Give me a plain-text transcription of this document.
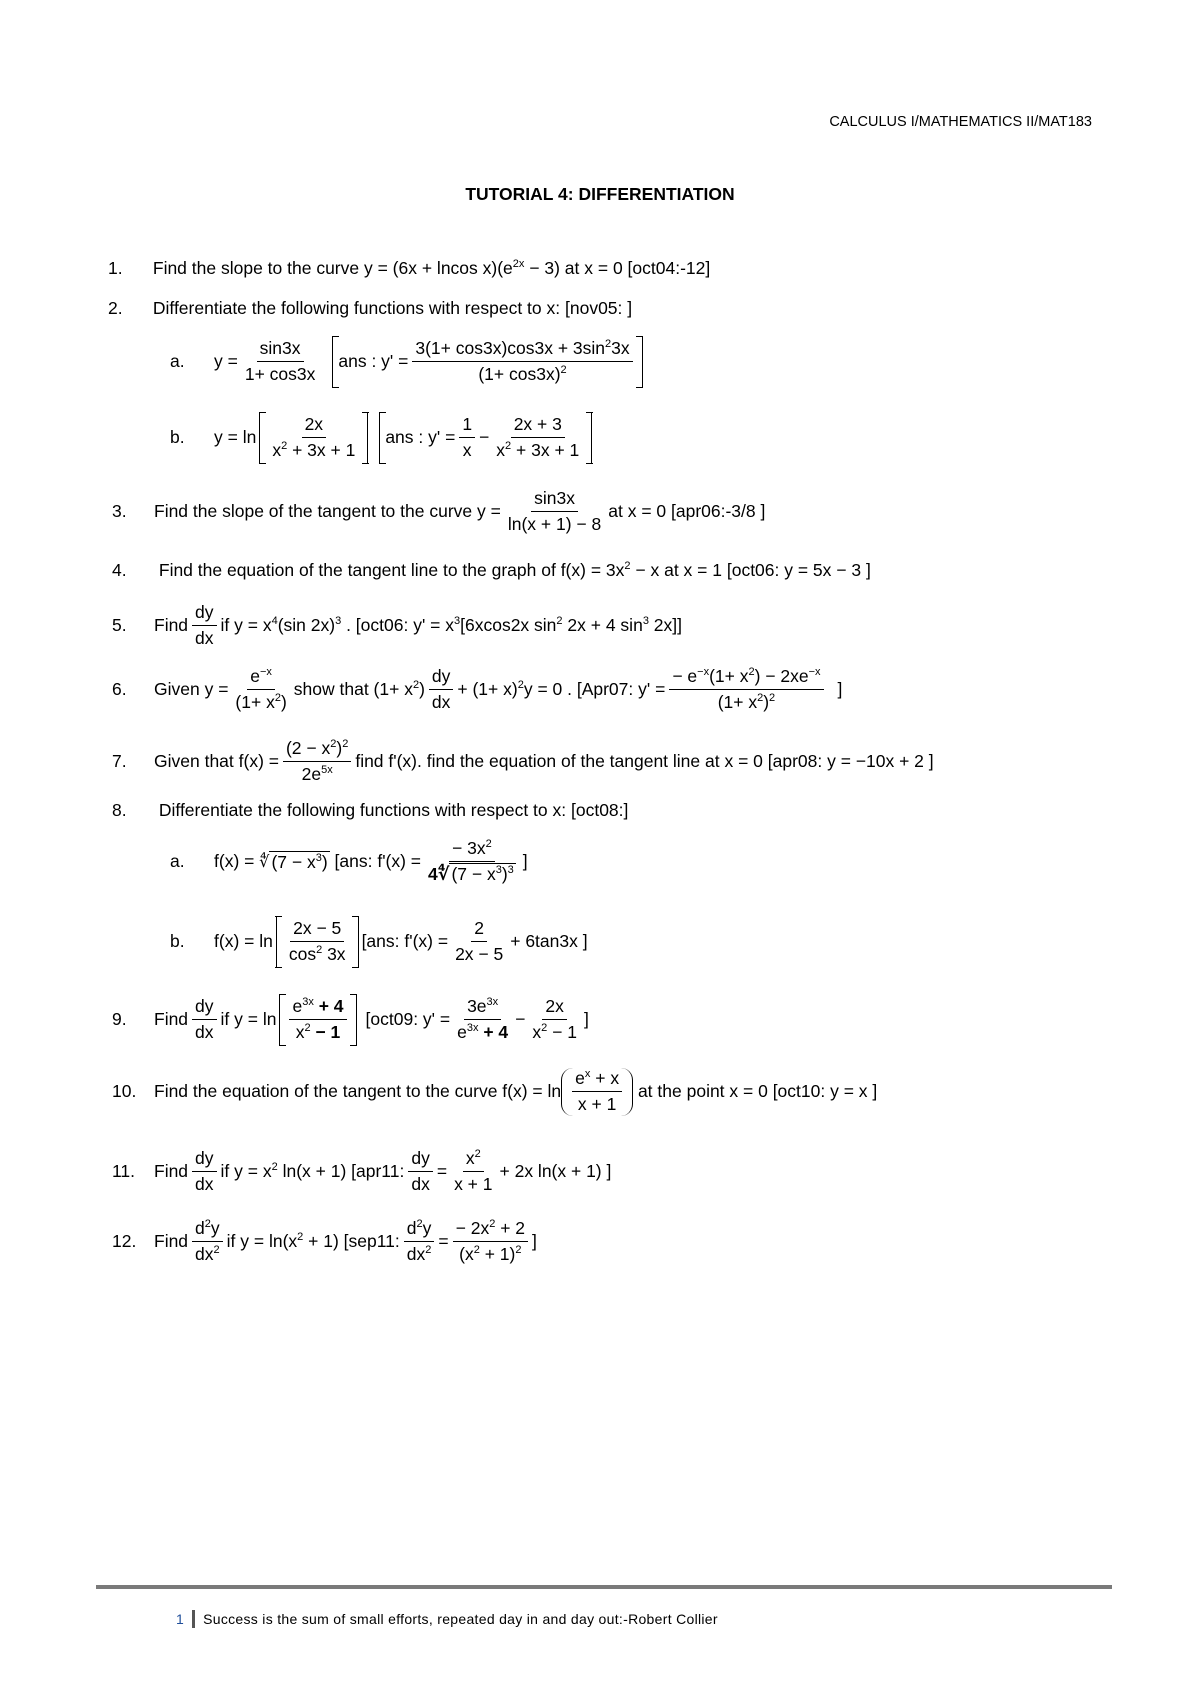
CALCULUS I/MATHEMATICS II/MAT183
TUTORIAL 4: DIFFERENTIATION
1. Find the slope to the curve y = (6x + lncos $x)(e^{2x} - 3)$ at x = 0 [oct04:-12]
2. Differentiate the following functions with respect to x: [nov05: ]
a.	$y = \frac{\sin 3x}{1+ \cos 3x}$ ans : $y' = \frac{3(1+ \cos 3x)\cos 3x + 3\sin^23x}{(1+ \cos 3x)^2}$
b.	$y = \ln \frac{2x}{x^2 + 3x + 1}$ ans : $y' = \frac{1}{x} - \frac{2x + 3}{x^2 + 3x + 1}$
3.	Find the slope of the tangent to the curve
$y = \frac{\sin 3x}{\ln(x + 1) - 8}$ at x = 0 [apr06:-3/8 ]
4. Find the equation of the tangent line to the graph of $f(x) = 3x^2 - x$ at x = 1 [oct06: y = 5x − 3 ]
5.	Find $\frac{dy}{dx}$ if $y = x^4(\sin$ 2x)$^3$ . [oct06: $y' = x^3[6xcos2x$ $\sin^2 2x + 4$ $\sin^3 2x$]]
6.	Given $y = \frac{e^{-x}}{(1+ x^2)}$ show that $(1+ x^2) \frac{dy}{dx} + (1+ x)^2y = 0$ . [Apr07: $y' = \frac{- e^{-x}(1+ x^2) - 2xe^{-x}}{(1+ x^2)^2}$ ]
7.	Given that $f(x) = \frac{(2 - x^2)^2}{2e^{5x}}$ find f'(x). find the equation of the tangent line at x = 0 [apr08: y = −10x + 2 ]
8. Differentiate the following functions with respect to x: [oct08:]
a.	f(x) =
∜ $(7 - x^3)$
[ans: $f'(x) = \frac{- 3x^2}{4∜ (7 - x^3)^3}$ ]
b.	$f(x) = \ln \frac{2x - 5}{\cos^2 3x} [ans$: $f'(x) = \frac{2}{2x - 5} + 6\tan 3x$ ]
9.	Find $\frac{dy}{dx}$ if $y = \ln \frac{e^{3x} + 4}{x^2 - 1} [oct09$: $y' = \frac{3e^{3x}}{e^{3x} + 4} - \frac{2x}{x^2 - 1}$ ]
10.	Find the equation of the tangent to the curve $f(x) = \ln \frac{e^x + x}{x + 1}$
at the point x = 0 [oct10: y = x ]
11.	Find $\frac{dy}{dx}$ if $y = x^2$ ln(x + 1) [apr11: $\frac{dy}{dx} = \frac{x^2}{x + 1} + 2x$ ln(x + 1) ]
12.	Find $\frac{d^2y}{dx^2}$ if $y = \ln(x^2 + 1)$ [sep11: $\frac{d^2y}{dx^2} = \frac{- 2x^2 + 2}{(x^2 + 1)^2}$ ]
1 Success is the sum of small efforts, repeated day in and day out:-Robert Collier
